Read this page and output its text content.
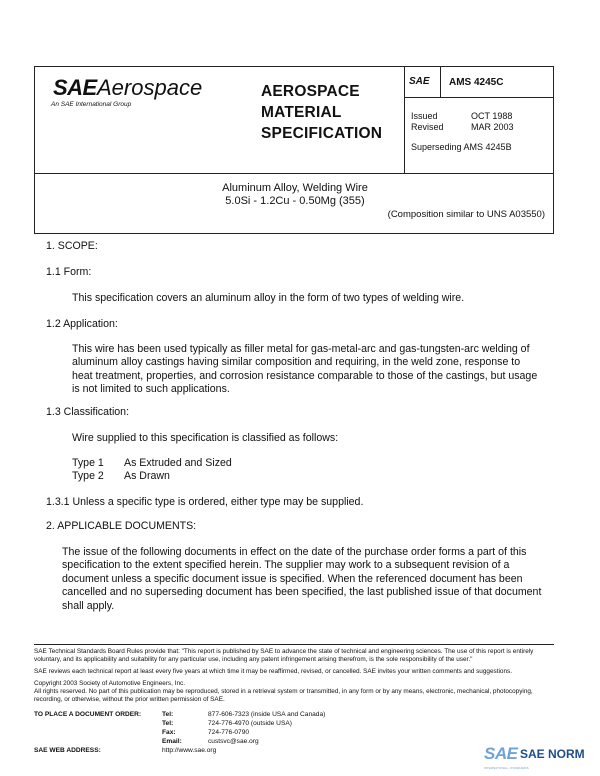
SAE Aerospace
An SAE International Group
AEROSPACE
MATERIAL
SPECIFICATION
SAE AMS 4245C
Issued	OCT 1988
Revised	MAR 2003
Superseding AMS 4245B
Aluminum Alloy, Welding Wire
5.0Si - 1.2Cu - 0.50Mg (355)
(Composition similar to UNS A03550)
1. SCOPE:
1.1 Form:
This specification covers an aluminum alloy in the form of two types of welding wire.
1.2 Application:
This wire has been used typically as filler metal for gas-metal-arc and gas-tungsten-arc welding of
aluminum alloy castings having similar composition and requiring, in the weld zone, response to
heat treatment, properties, and corrosion resistance comparable to those of the castings, but usage
is not limited to such applications.
1.3 Classification:
Wire supplied to this specification is classified as follows:
Type 1 As Extruded and Sized
Type 2 As Drawn
1.3.1 Unless a specific type is ordered, either type may be supplied.
2. APPLICABLE DOCUMENTS:
The issue of the following documents in effect on the date of the purchase order forms a part of this
specification to the extent specified herein. The supplier may work to a subsequent revision of a
document unless a specific document issue is specified. When the referenced document has been
cancelled and no superseding document has been specified, the last published issue of that document
shall apply.
SAE Technical Standards Board Rules provide that: "This report is published by SAE to advance the state of technical and engineering sciences. The use of this report is entirely
voluntary, and its applicability and suitability for any particular use, including any patent infringement arising therefrom, is the sole responsibility of the user."
SAE reviews each technical report at least every five years at which time it may be reaffirmed, revised, or cancelled. SAE invites your written comments and suggestions.
Copyright 2003 Society of Automotive Engineers, Inc.
All rights reserved. No part of this publication may be reproduced, stored in a retrieval system or transmitted, in any form or by any means, electronic, mechanical, photocopying,
recording, or otherwise, without the prior written permission of SAE.
TO PLACE A DOCUMENT ORDER:	Tel:	877-606-7323 (inside USA and Canada)
Tel:	724-776-4970 (outside USA)
Fax:	724-776-0790
Email:	custsvc@sae.org
SAE WEB ADDRESS:	http://www.sae.org	SAE SAE NORM
INTERNATIONAL • STANDARDS
